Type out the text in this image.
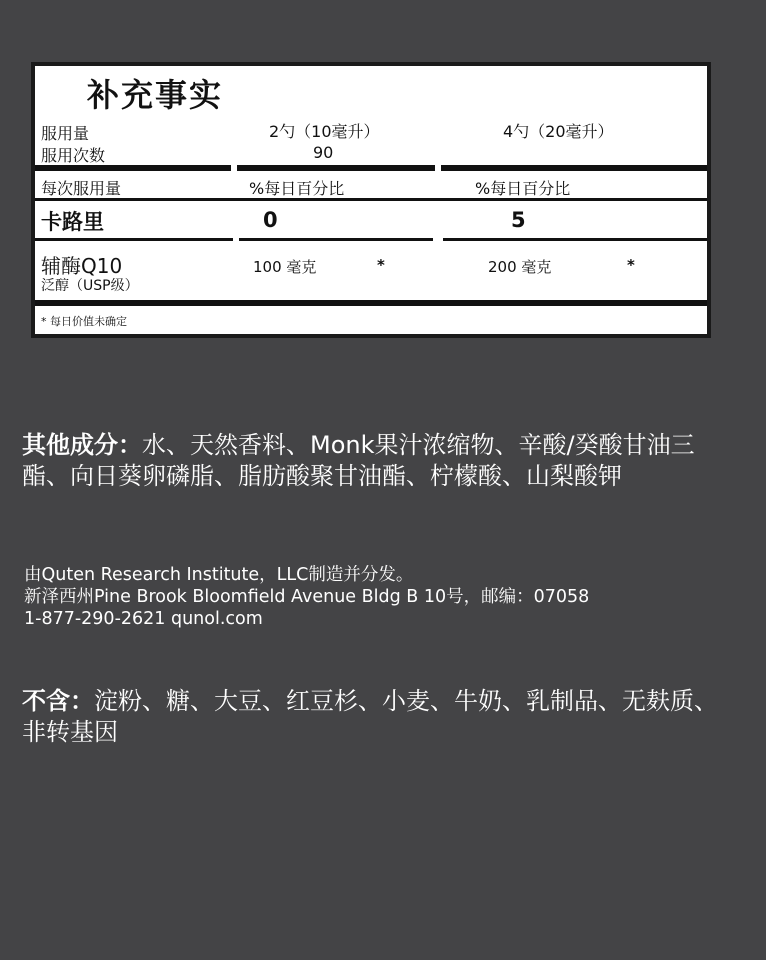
补充事实
服用量	2勺（10毫升）	4勺（20毫升）
服用次数	90
每次服用量	%每日百分比	%每日百分比
卡路里	0	5
辅酶Q10
泛醇（USP级）
100 毫克	*	200 毫克	*
* 每日价值未确定
其他成分：水、天然香料、Monk果汁浓缩物、辛酸/癸酸甘油三酯、向日葵卵磷脂、脂肪酸聚甘油酯、柠檬酸、山梨酸钾
由Quten Research Institute，LLC制造并分发。
新泽西州Pine Brook Bloomfield Avenue Bldg B 10号，邮编：07058
1-877-290-2621 qunol.com
不含：淀粉、糖、大豆、红豆杉、小麦、牛奶、乳制品、无麸质、非转基因
